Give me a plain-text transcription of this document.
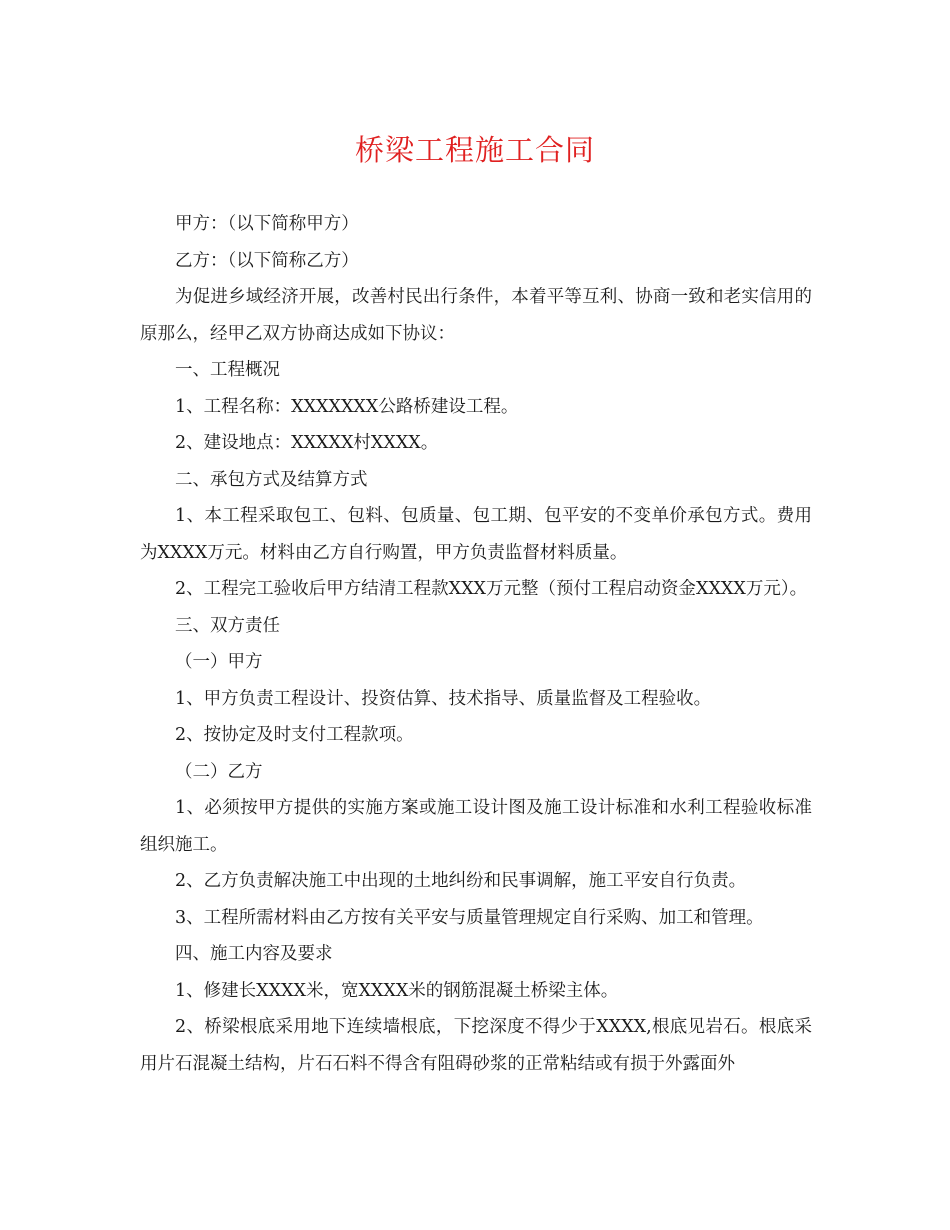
桥梁工程施工合同

甲方：（以下简称甲方）

乙方：（以下简称乙方）

为促进乡域经济开展，改善村民出行条件，本着平等互利、协商一致和老实信用的原那么，经甲乙双方协商达成如下协议：

一、工程概况

1、工程名称：XXXXXXX公路桥建设工程。

2、建设地点：XXXXX村XXXX。

二、承包方式及结算方式

1、本工程采取包工、包料、包质量、包工期、包平安的不变单价承包方式。费用为XXXX万元。材料由乙方自行购置，甲方负责监督材料质量。

2、工程完工验收后甲方结清工程款XXX万元整（预付工程启动资金XXXX万元）。

三、双方责任

（一）甲方

1、甲方负责工程设计、投资估算、技术指导、质量监督及工程验收。

2、按协定及时支付工程款项。

（二）乙方

1、必须按甲方提供的实施方案或施工设计图及施工设计标准和水利工程验收标准组织施工。

2、乙方负责解决施工中出现的土地纠纷和民事调解，施工平安自行负责。

3、工程所需材料由乙方按有关平安与质量管理规定自行采购、加工和管理。

四、施工内容及要求

1、修建长XXXX米，宽XXXX米的钢筋混凝土桥梁主体。

2、桥梁根底采用地下连续墙根底，下挖深度不得少于XXXX,根底见岩石。根底采用片石混凝土结构，片石石料不得含有阻碍砂浆的正常粘结或有损于外露面外
